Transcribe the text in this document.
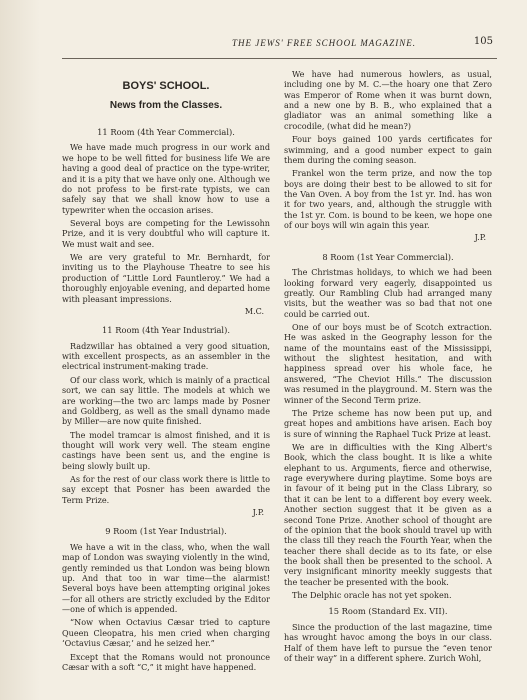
THE JEWS' FREE SCHOOL MAGAZINE.	105
BOYS' SCHOOL.
News from the Classes.
11 Room (4th Year Commercial).

We have made much progress in our work and we hope to be well fitted for business life We are having a good deal of practice on the type-writer, and it is a pity that we have only one. Although we do not profess to be first-rate typists, we can safely say that we shall know how to use a typewriter when the occasion arises.

Several boys are competing for the Lewissohn Prize, and it is very doubtful who will capture it. We must wait and see.

We are very grateful to Mr. Bernhardt, for inviting us to the Playhouse Theatre to see his production of “Little Lord Fauntleroy.” We had a thoroughly enjoyable evening, and departed home with pleasant impressions.

M.C.
11 Room (4th Year Industrial).

Radzwillar has obtained a very good situation, with excellent prospects, as an assembler in the electrical instrument-making trade.

Of our class work, which is mainly of a practical sort, we can say little. The models at which we are working—the two arc lamps made by Posner and Goldberg, as well as the small dynamo made by Miller—are now quite finished.

The model tramcar is almost finished, and it is thought will work very well. The steam engine castings have been sent us, and the engine is being slowly built up.

As for the rest of our class work there is little to say except that Posner has been awarded the Term Prize.

J.P.
9 Room (1st Year Industrial).

We have a wit in the class, who, when the wall map of London was swaying violently in the wind, gently reminded us that London was being blown up. And that too in war time—the alarmist! Several boys have been attempting original jokes—for all others are strictly excluded by the Editor—one of which is appended.

“Now when Octavius Cæsar tried to capture Queen Cleopatra, his men cried when charging ‘Octavius Cæsar,’ and he seized her.”

Except that the Romans would not pronounce Cæsar with a soft “C,” it might have happened.

We have had numerous howlers, as usual, including one by M. C.—the hoary one that Zero was Emperor of Rome when it was burnt down, and a new one by B. B., who explained that a gladiator was an animal something like a crocodile, (what did he mean?)

Four boys gained 100 yards certificates for swimming, and a good number expect to gain them during the coming season.

Frankel won the term prize, and now the top boys are doing their best to be allowed to sit for the Van Oven. A boy from the 1st yr. Ind. has won it for two years, and, although the struggle with the 1st yr. Com. is bound to be keen, we hope one of our boys will win again this year.

J.P.
8 Room (1st Year Commercial).

The Christmas holidays, to which we had been looking forward very eagerly, disappointed us greatly. Our Rambling Club had arranged many visits, but the weather was so bad that not one could be carried out.

One of our boys must be of Scotch extraction. He was asked in the Geography lesson for the name of the mountains east of the Mississippi, without the slightest hesitation, and with happiness spread over his whole face, he answered, “The Cheviot Hills.” The discussion was resumed in the playground. M. Stern was the winner of the Second Term prize.

The Prize scheme has now been put up, and great hopes and ambitions have arisen. Each boy is sure of winning the Raphael Tuck Prize at least.

We are in difficulties with the King Albert's Book, which the class bought. It is like a white elephant to us. Arguments, fierce and otherwise, rage everywhere during playtime. Some boys are in favour of it being put in the Class Library, so that it can be lent to a different boy every week. Another section suggest that it be given as a second Tone Prize. Another school of thought are of the opinion that the book should travel up with the class till they reach the Fourth Year, when the teacher there shall decide as to its fate, or else the book shall then be presented to the school. A very insignificant minority meekly suggests that the teacher be presented with the book.

The Delphic oracle has not yet spoken.

15 Room (Standard Ex. VII).

Since the production of the last magazine, time has wrought havoc among the boys in our class. Half of them have left to pursue the “even tenor of their way” in a different sphere. Zurich Wohl,
